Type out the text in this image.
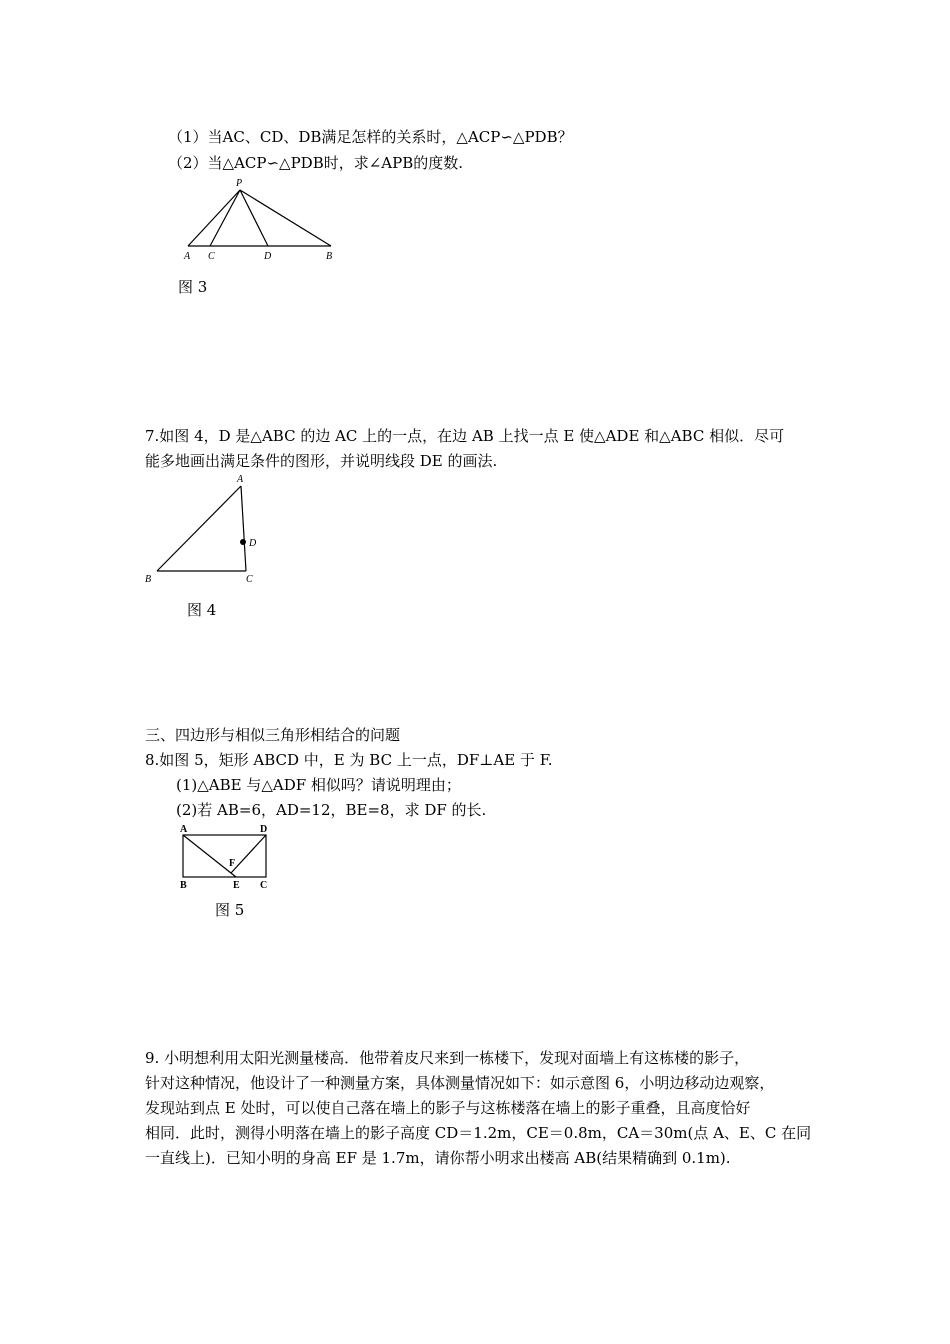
（1）当AC、CD、DB满足怎样的关系时，△ACP∽△PDB？
（2）当△ACP∽△PDB时，求∠APB的度数.
P
A C	D	B
图 3
7.如图 4，D 是△ABC 的边 AC 上的一点，在边 AB 上找一点 E 使△ADE 和△ABC 相似．尽可
能多地画出满足条件的图形，并说明线段 DE 的画法.
A
B	C
D
图 4
三、四边形与相似三角形相结合的问题
8.如图 5，矩形 ABCD 中，E 为 BC 上一点，DF⊥AE 于 F.
(1)△ABE 与△ADF 相似吗？请说明理由；
(2)若 AB=6，AD=12，BE=8，求 DF 的长.
A	D
F
B	E C
图 5
9. 小明想利用太阳光测量楼高．他带着皮尺来到一栋楼下，发现对面墙上有这栋楼的影子，
针对这种情况，他设计了一种测量方案，具体测量情况如下：如示意图 6，小明边移动边观察，
发现站到点 E 处时，可以使自己落在墙上的影子与这栋楼落在墙上的影子重叠，且高度恰好
相同．此时，测得小明落在墙上的影子高度 CD＝1.2m，CE＝0.8m，CA＝30m(点 A、E、C 在同
一直线上)．已知小明的身高 EF 是 1.7m，请你帮小明求出楼高 AB(结果精确到 0.1m).
